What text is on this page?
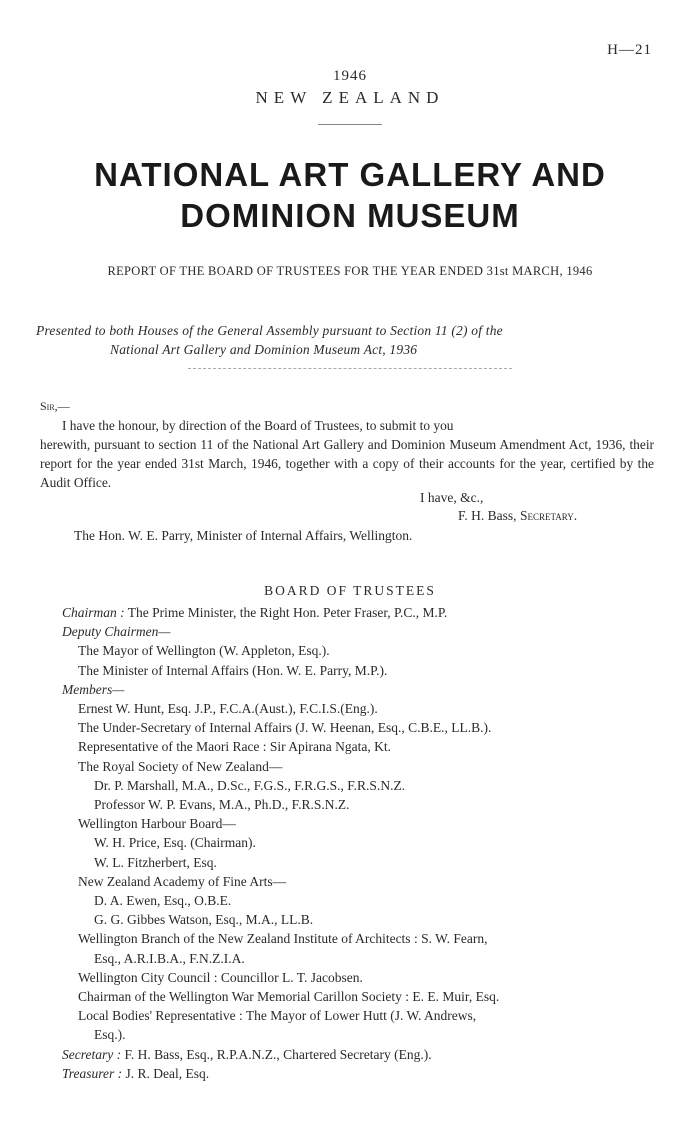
H—21
1946
NEW ZEALAND
NATIONAL ART GALLERY AND
DOMINION MUSEUM
REPORT OF THE BOARD OF TRUSTEES FOR THE YEAR ENDED 31st MARCH, 1946
Presented to both Houses of the General Assembly pursuant to Section 11 (2) of the
National Art Gallery and Dominion Museum Act, 1936
Sir,—

I have the honour, by direction of the Board of Trustees, to submit to you

herewith, pursuant to section 11 of the National Art Gallery and Dominion Museum Amendment Act, 1936, their report for the year ended 31st March, 1946, together with a copy of their accounts for the year, certified by the Audit Office.

I have, &c.,
F. H. Bass, Secretary.
The Hon. W. E. Parry, Minister of Internal Affairs, Wellington.
BOARD OF TRUSTEES
Chairman : The Prime Minister, the Right Hon. Peter Fraser, P.C., M.P.
Deputy Chairmen—
The Mayor of Wellington (W. Appleton, Esq.).
The Minister of Internal Affairs (Hon. W. E. Parry, M.P.).
Members—
Ernest W. Hunt, Esq. J.P., F.C.A.(Aust.), F.C.I.S.(Eng.).
The Under-Secretary of Internal Affairs (J. W. Heenan, Esq., C.B.E., LL.B.).
Representative of the Maori Race : Sir Apirana Ngata, Kt.
The Royal Society of New Zealand—
Dr. P. Marshall, M.A., D.Sc., F.G.S., F.R.G.S., F.R.S.N.Z.
Professor W. P. Evans, M.A., Ph.D., F.R.S.N.Z.
Wellington Harbour Board—
W. H. Price, Esq. (Chairman).
W. L. Fitzherbert, Esq.
New Zealand Academy of Fine Arts—
D. A. Ewen, Esq., O.B.E.
G. G. Gibbes Watson, Esq., M.A., LL.B.
Wellington Branch of the New Zealand Institute of Architects : S. W. Fearn,
Esq., A.R.I.B.A., F.N.Z.I.A.
Wellington City Council : Councillor L. T. Jacobsen.
Chairman of the Wellington War Memorial Carillon Society : E. E. Muir, Esq.
Local Bodies' Representative : The Mayor of Lower Hutt (J. W. Andrews,
Esq.).
Secretary : F. H. Bass, Esq., R.P.A.N.Z., Chartered Secretary (Eng.).
Treasurer : J. R. Deal, Esq.
